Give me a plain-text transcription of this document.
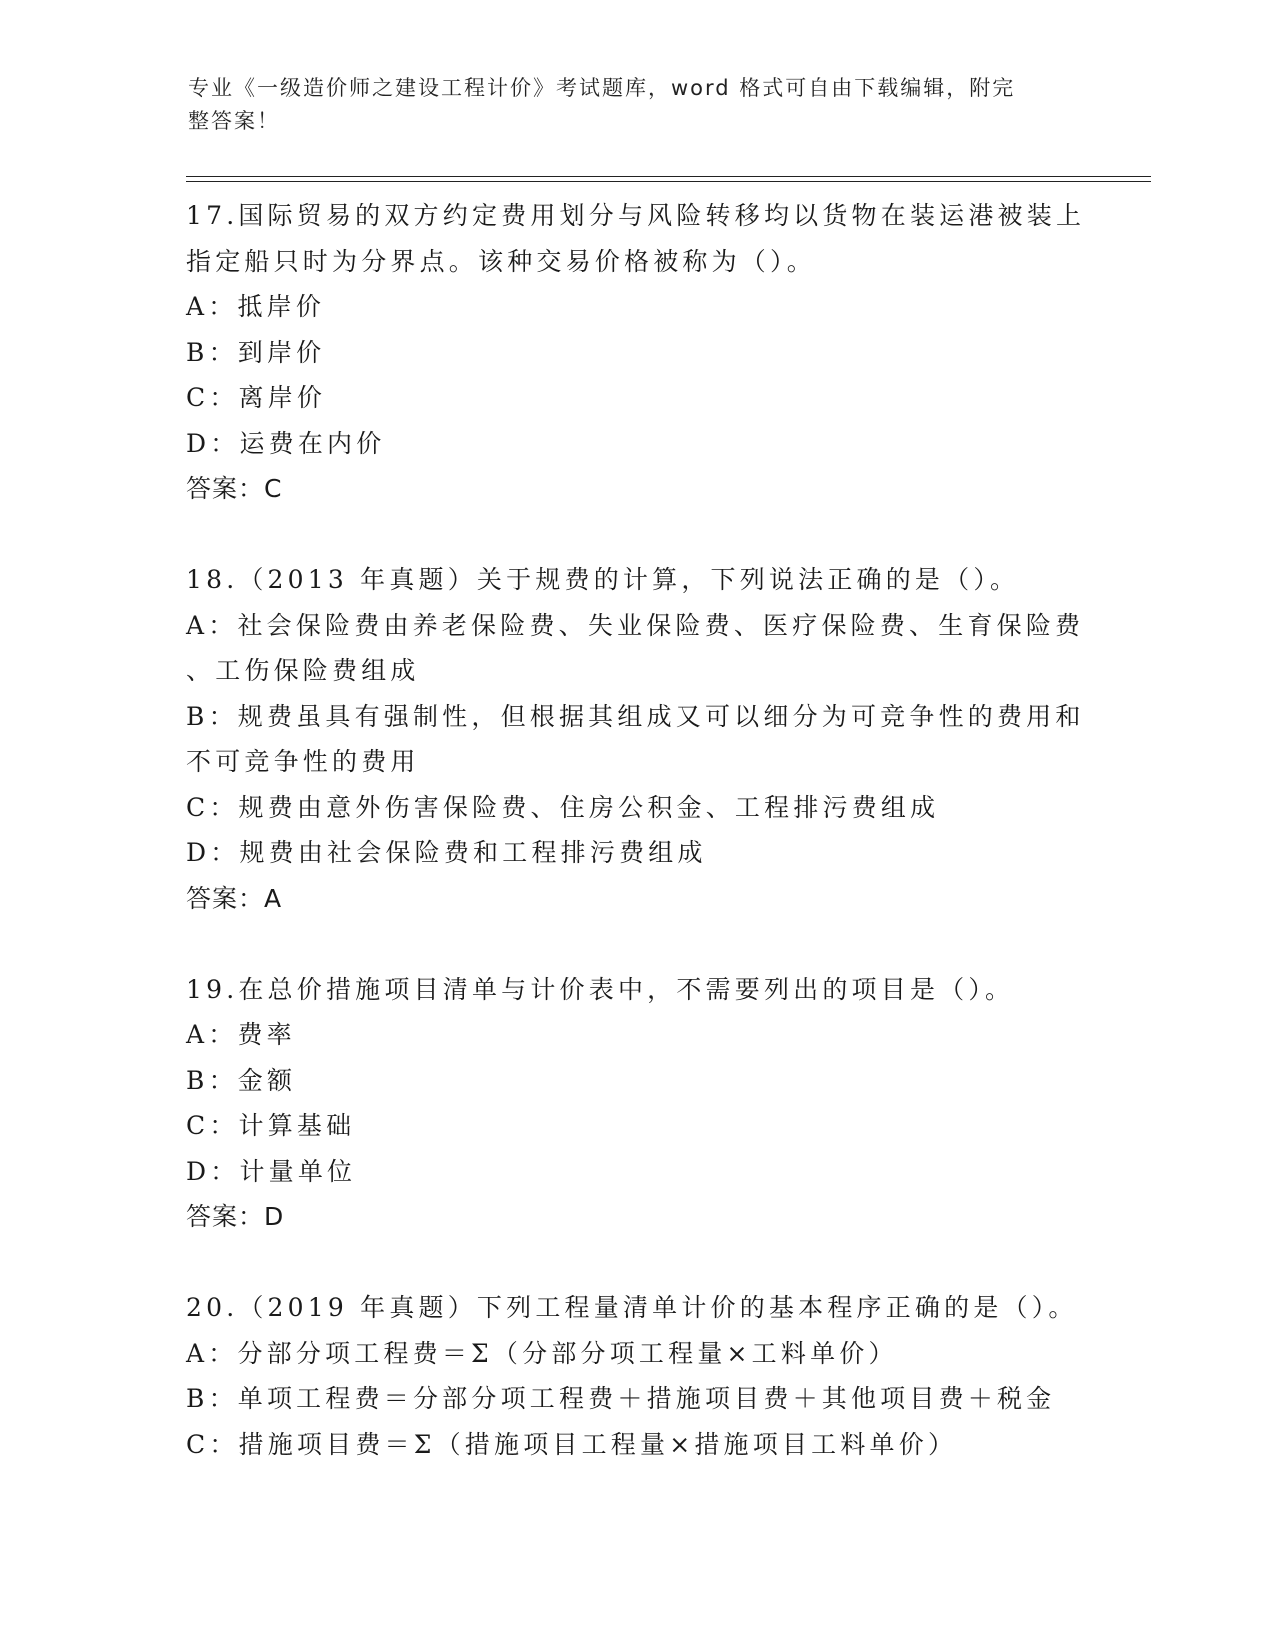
专业《一级造价师之建设工程计价》考试题库，word 格式可自由下载编辑，附完
整答案！
17.国际贸易的双方约定费用划分与风险转移均以货物在装运港被装上
指定船只时为分界点。该种交易价格被称为（）。
A：抵岸价
B：到岸价
C：离岸价
D：运费在内价
答案：C
18.（2013 年真题）关于规费的计算，下列说法正确的是（）。
A：社会保险费由养老保险费、失业保险费、医疗保险费、生育保险费
、工伤保险费组成
B：规费虽具有强制性，但根据其组成又可以细分为可竞争性的费用和
不可竞争性的费用
C：规费由意外伤害保险费、住房公积金、工程排污费组成
D：规费由社会保险费和工程排污费组成
答案：A
19.在总价措施项目清单与计价表中，不需要列出的项目是（）。
A：费率
B：金额
C：计算基础
D：计量单位
答案：D
20.（2019 年真题）下列工程量清单计价的基本程序正确的是（）。
A：分部分项工程费＝Σ（分部分项工程量×工料单价）
B：单项工程费＝分部分项工程费＋措施项目费＋其他项目费＋税金
C：措施项目费＝Σ（措施项目工程量×措施项目工料单价）
